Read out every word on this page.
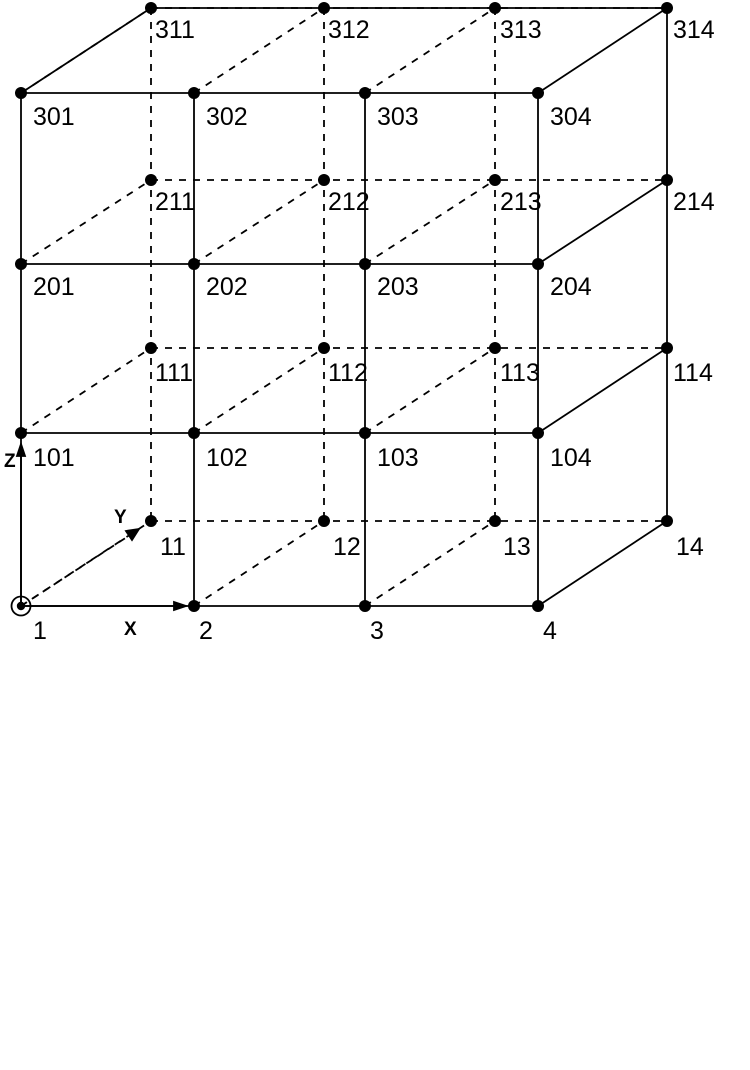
1	2	3	4
11	12	13	14
101	102	103	104
111	112	113	114
201	202	203	204
211	212	213	214
301	302	303	304
311	312	313	314
X
Y
Z
